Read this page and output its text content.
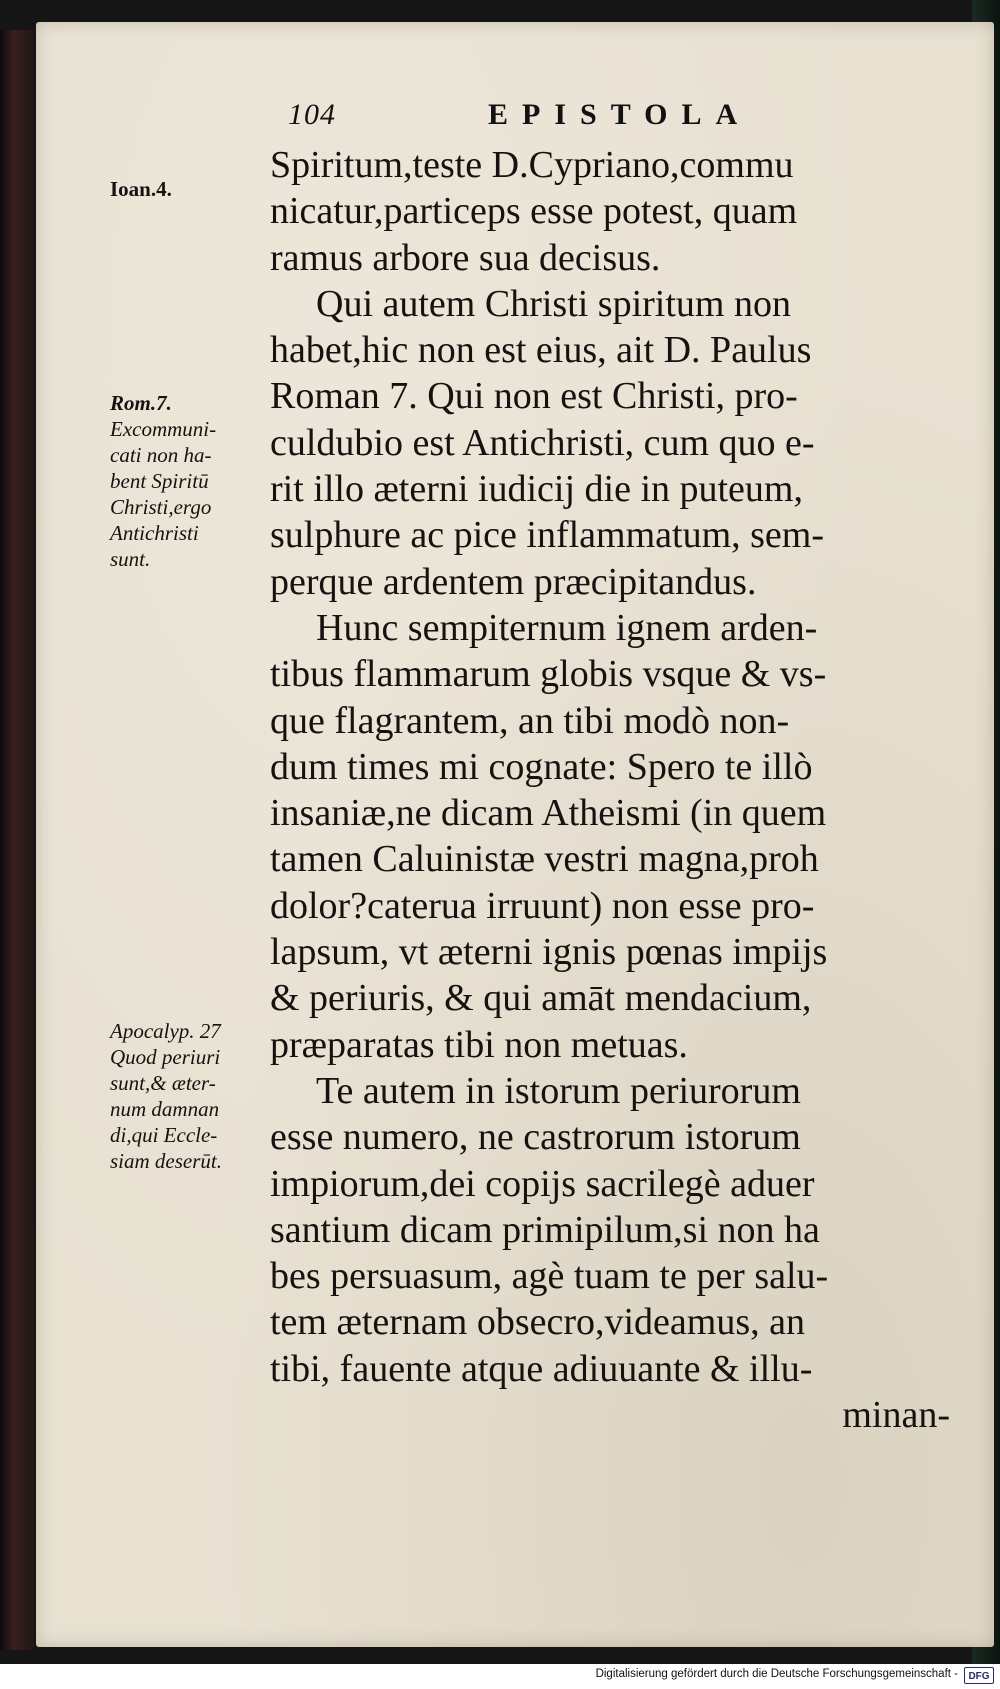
104	EPISTOLA
Spiritum,teste D.Cypriano,commu
nicatur,particeps esse potest, quam
ramus arbore sua decisus.
Qui autem Christi spiritum non
habet,hic non est eius, ait D. Paulus
Roman 7. Qui non est Christi, pro-
culdubio est Antichristi, cum quo e-
rit illo æterni iudicij die in puteum,
sulphure ac pice inflammatum, sem-
perque ardentem præcipitandus.
Hunc sempiternum ignem arden-
tibus flammarum globis vsque & vs-
que flagrantem, an tibi modò non-
dum times mi cognate: Spero te illò
insaniæ,ne dicam Atheismi (in quem
tamen Caluinistæ vestri magna,proh
dolor?caterua irruunt) non esse pro-
lapsum, vt æterni ignis pœnas impijs
& periuris, & qui amāt mendacium,
præparatas tibi non metuas.
Te autem in istorum periurorum
esse numero, ne castrorum istorum
impiorum,dei copijs sacrilegè aduer
santium dicam primipilum,si non ha
bes persuasum, agè tuam te per salu-
tem æternam obsecro,videamus, an
tibi, fauente atque adiuuante & illu-
minan-
Ioan.4.
Rom.7.
Excommuni-
cati non ha-
bent Spiritū
Christi,ergo
Antichristi
sunt.
Apocalyp. 27
Quod periuri
sunt,& æter-
num damnan
di,qui Eccle-
siam deserūt.
Digitalisierung gefördert durch die Deutsche Forschungsgemeinschaft -	DFG
